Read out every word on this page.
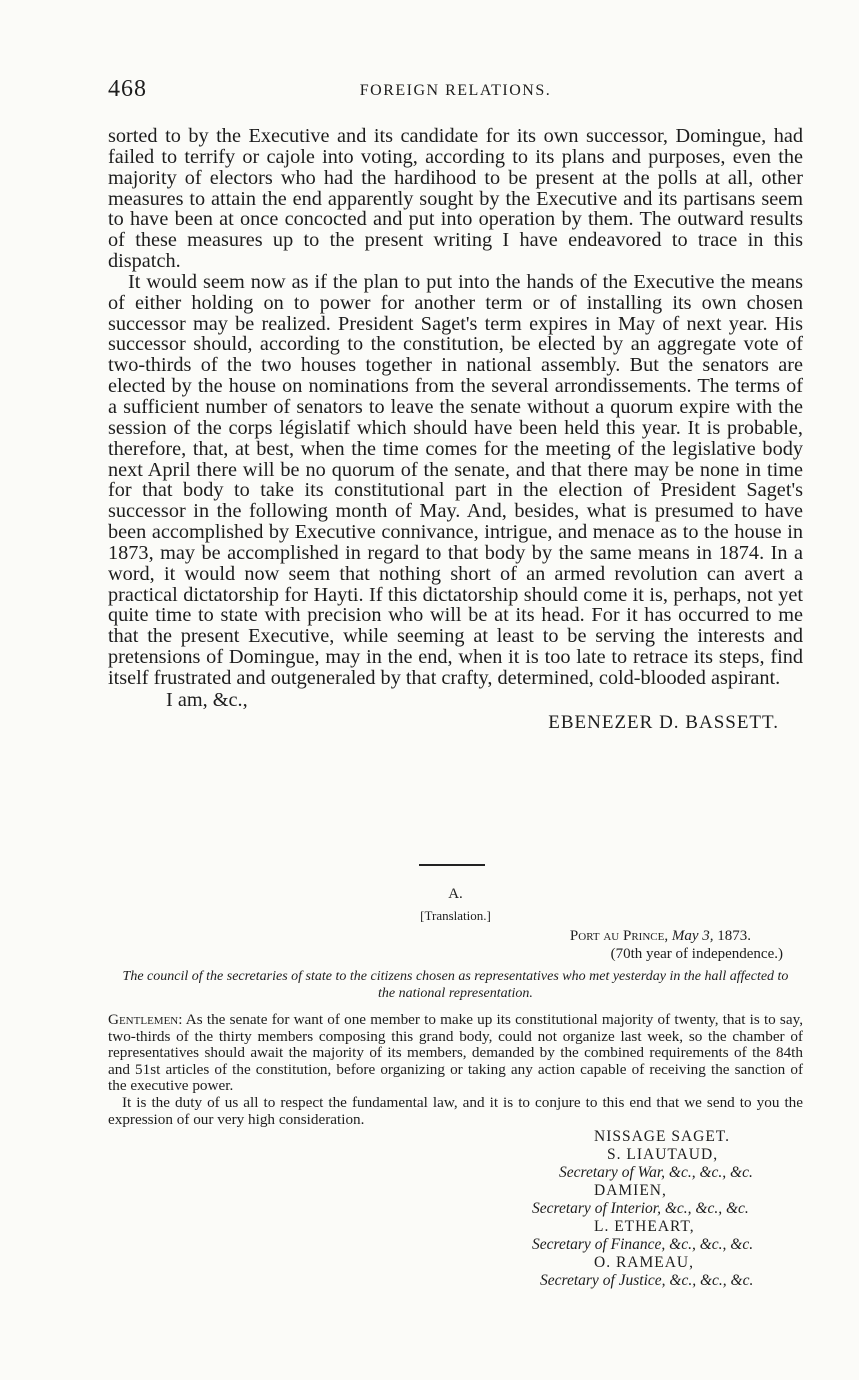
468	FOREIGN RELATIONS.

sorted to by the Executive and its candidate for its own successor, Domingue, had failed to terrify or cajole into voting, according to its plans and purposes, even the majority of electors who had the hardihood to be present at the polls at all, other measures to attain the end apparently sought by the Executive and its partisans seem to have been at once concocted and put into operation by them. The outward results of these measures up to the present writing I have endeavored to trace in this dispatch.

It would seem now as if the plan to put into the hands of the Executive the means of either holding on to power for another term or of installing its own chosen successor may be realized. President Saget's term expires in May of next year. His successor should, according to the constitution, be elected by an aggregate vote of two-thirds of the two houses together in national assembly. But the senators are elected by the house on nominations from the several arrondissements. The terms of a sufficient number of senators to leave the senate without a quorum expire with the session of the corps législatif which should have been held this year. It is probable, therefore, that, at best, when the time comes for the meeting of the legislative body next April there will be no quorum of the senate, and that there may be none in time for that body to take its constitutional part in the election of President Saget's successor in the following month of May. And, besides, what is presumed to have been accomplished by Executive connivance, intrigue, and menace as to the house in 1873, may be accomplished in regard to that body by the same means in 1874. In a word, it would now seem that nothing short of an armed revolution can avert a practical dictatorship for Hayti. If this dictatorship should come it is, perhaps, not yet quite time to state with precision who will be at its head. For it has occurred to me that the present Executive, while seeming at least to be serving the interests and pretensions of Domingue, may in the end, when it is too late to retrace its steps, find itself frustrated and outgeneraled by that crafty, determined, cold-blooded aspirant.

I am, &c.,
EBENEZER D. BASSETT.
A.
[Translation.]
Port au Prince, May 3, 1873.
(70th year of independence.)
The council of the secretaries of state to the citizens chosen as representatives who met yesterday in the hall affected to the national representation.

Gentlemen: As the senate for want of one member to make up its constitutional majority of twenty, that is to say, two-thirds of the thirty members composing this grand body, could not organize last week, so the chamber of representatives should await the majority of its members, demanded by the combined requirements of the 84th and 51st articles of the constitution, before organizing or taking any action capable of receiving the sanction of the executive power.

It is the duty of us all to respect the fundamental law, and it is to conjure to this end that we send to you the expression of our very high consideration.

NISSAGE SAGET.
S. LIAUTAUD,
Secretary of War, &c., &c., &c.
DAMIEN,
Secretary of Interior, &c., &c., &c.
L. ETHEART,
Secretary of Finance, &c., &c., &c.
O. RAMEAU,
Secretary of Justice, &c., &c., &c.
